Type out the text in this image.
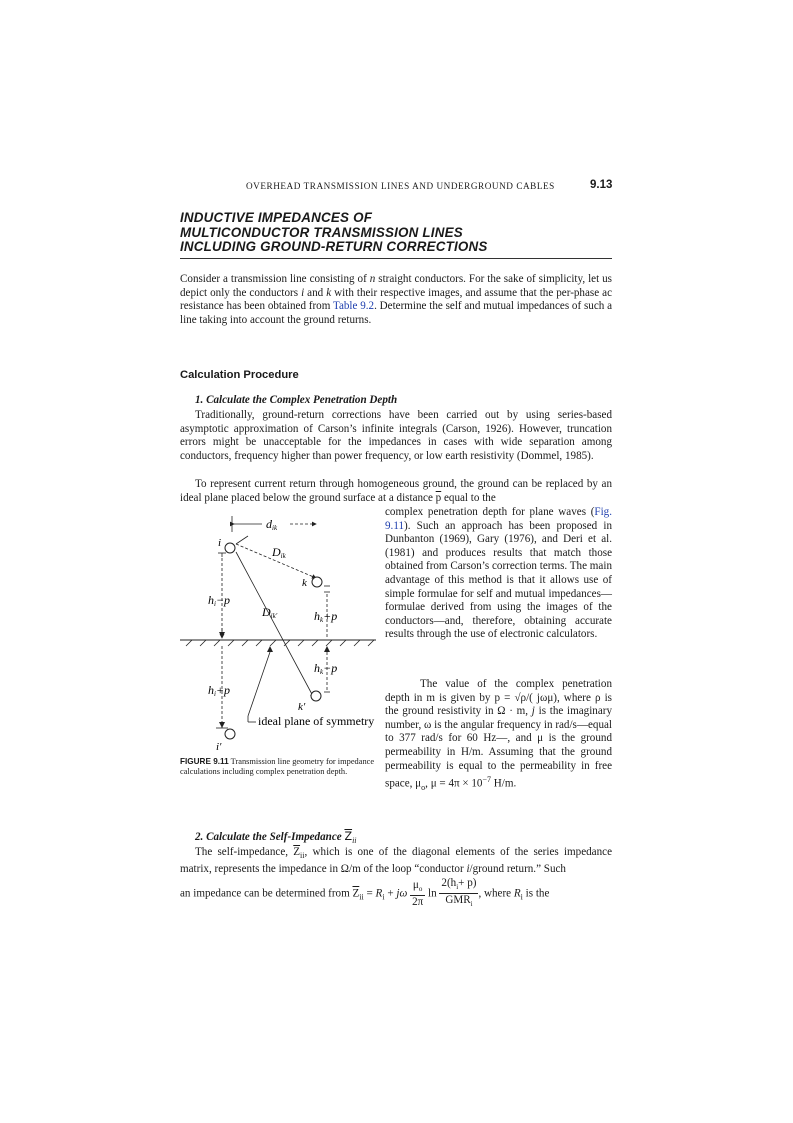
OVERHEAD TRANSMISSION LINES AND UNDERGROUND CABLES	9.13
INDUCTIVE IMPEDANCES OF
MULTICONDUCTOR TRANSMISSION LINES
INCLUDING GROUND-RETURN CORRECTIONS
Consider a transmission line consisting of n straight conductors. For the sake of simplicity, let us depict only the conductors i and k with their respective images, and assume that the per-phase ac resistance has been obtained from Table 9.2. Determine the self and mutual impedances of such a line taking into account the ground returns.
Calculation Procedure
1. Calculate the Complex Penetration Depth
Traditionally, ground-return corrections have been carried out by using series-based asymptotic approximation of Carson’s infinite integrals (Carson, 1926). However, truncation errors might be unacceptable for the impedances in cases with wide separation among conductors, frequency higher than power frequency, or low earth resistivity (Dommel, 1985).
To represent current return through homogeneous ground, the ground can be replaced by an ideal plane placed below the ground surface at a distance $\overline{p}$ equal to the
complex penetration depth for plane waves (Fig. 9.11). Such an approach has been proposed in Dunbanton (1969), Gary (1976), and Deri et al. (1981) and produces results that match those obtained from Carson’s correction terms. The main advantage of this method is that it allows use of simple formulae for self and mutual impedances—formulae derived from using the images of the conductors—and, therefore, obtaining accurate results through the use of electronic calculators.
The value of the complex penetration depth in m is given by p = √ρ/( jωμ), where ρ is the ground resistivity in Ω · m, j is the imaginary number, ω is the angular frequency in rad/s—equal to 377 rad/s for 60 Hz—, and μ is the ground permeability in H/m. Assuming that the ground permeability is equal to the permeability in free space, $\mu_o$, $\mu = 4\pi \times 10^{-7}$ H/m.
dik
i
Dik
k
hi−p
Dik′	hk+p
hk−p
k′
ideal plane of symmetry
hi+p
i′
FIGURE 9.11 Transmission line geometry for impedance calculations including complex penetration depth.
2. Calculate the Self-Impedance $\overline{Z}_{ii}$
The self-impedance, $\overline{Z}_{ii}$, which is one of the diagonal elements of the series impedance matrix, represents the impedance in Ω/m of the loop “conductor i/ground return.” Such
an impedance can be determined from $\overline{Z}_{ii} = R_i + j\omega \frac{\mu_o}{2\pi}$ $\ln \frac{2(h_i+ p)}{GMR_i}$ , where $R_i$ is the
